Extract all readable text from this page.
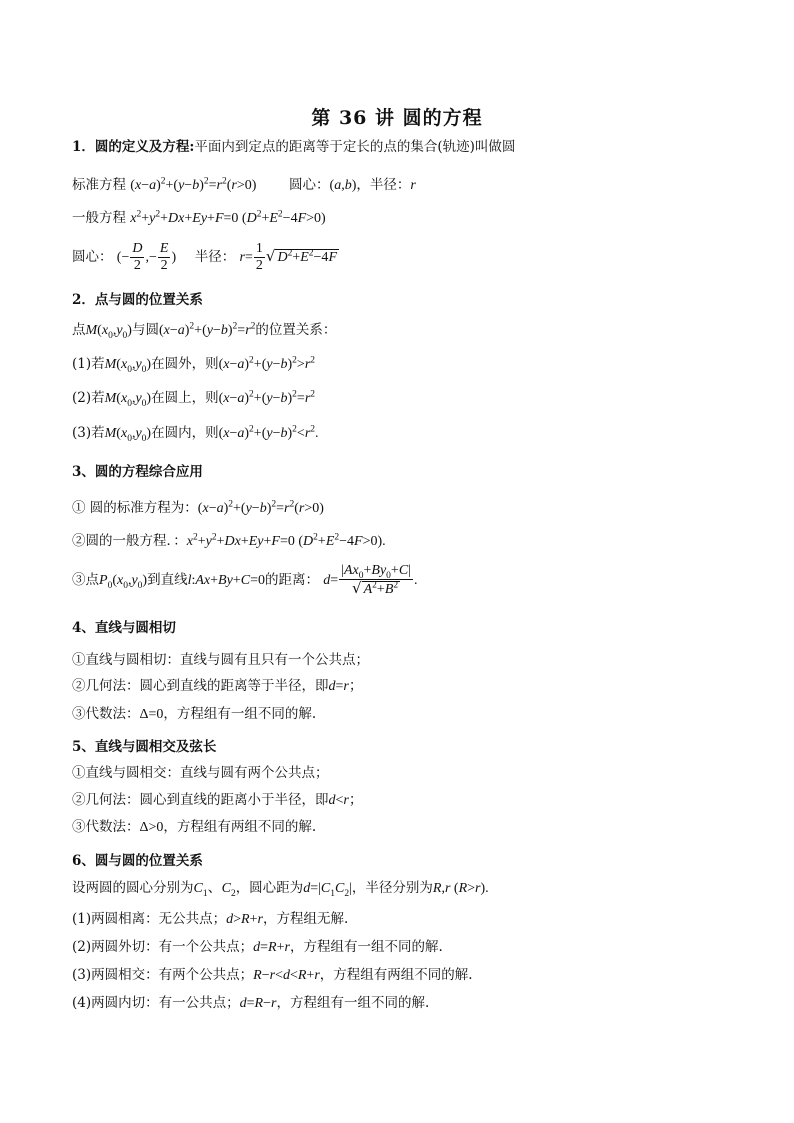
第 36 讲 圆的方程
1．圆的定义及方程:平面内到定点的距离等于定长的点的集合(轨迹)叫做圆
标准方程 $(x-a)^2+(y-b)^2=r^2(r>0)$ 圆心：(a,b)，半径：r
一般方程 $x^2+y^2+Dx+Ey+F=0$ $(D^2+E^2-4F>0)$
圆心： (− $\frac{D}{2}$ ,− $\frac{E}{2}$ ) 半径： $r= \frac{1}{2}$ √ $D^2+E^2-4F$
2．点与圆的位置关系
点$M(x_0,y_0)$与圆$(x-a)^2+(y-b)^2=r^2$的位置关系：
(1)若$M(x_0,y_0)$在圆外，则$(x-a)^2+(y-b)^2>r^2$
(2)若$M(x_0,y_0)$在圆上，则$(x-a)^2+(y-b)^2=r^2$
(3)若$M(x_0,y_0)$在圆内，则$(x-a)^2+(y-b)^2<r^2$.
3、圆的方程综合应用
① 圆的标准方程为：$(x-a)^2+(y-b)^2=r^2(r>0)$
②圆的一般方程．：$x^2+y^2+Dx+Ey+F=0$ $(D^2+E^2-4F>0)$.
③点$P_0(x_0,y_0)$到直线l:Ax+By+C=0的距离： $d= \frac{|Ax_0+By_0+C|}{√ A^2+B^2}$ .
4、直线与圆相切
①直线与圆相切：直线与圆有且只有一个公共点；
②几何法：圆心到直线的距离等于半径，即d=r；
③代数法：Δ=0，方程组有一组不同的解.
5、直线与圆相交及弦长
①直线与圆相交：直线与圆有两个公共点；
②几何法：圆心到直线的距离小于半径，即d<r；
③代数法：Δ>0，方程组有两组不同的解.
6、圆与圆的位置关系
设两圆的圆心分别为$C_1$、$C_2$，圆心距为$d=|C_1C_2|$，半径分别为R,r (R>r).
(1)两圆相离：无公共点；d>R+r，方程组无解.
(2)两圆外切：有一个公共点；d=R+r，方程组有一组不同的解.
(3)两圆相交：有两个公共点；R−r<d<R+r，方程组有两组不同的解.
(4)两圆内切：有一公共点；d=R−r，方程组有一组不同的解.
